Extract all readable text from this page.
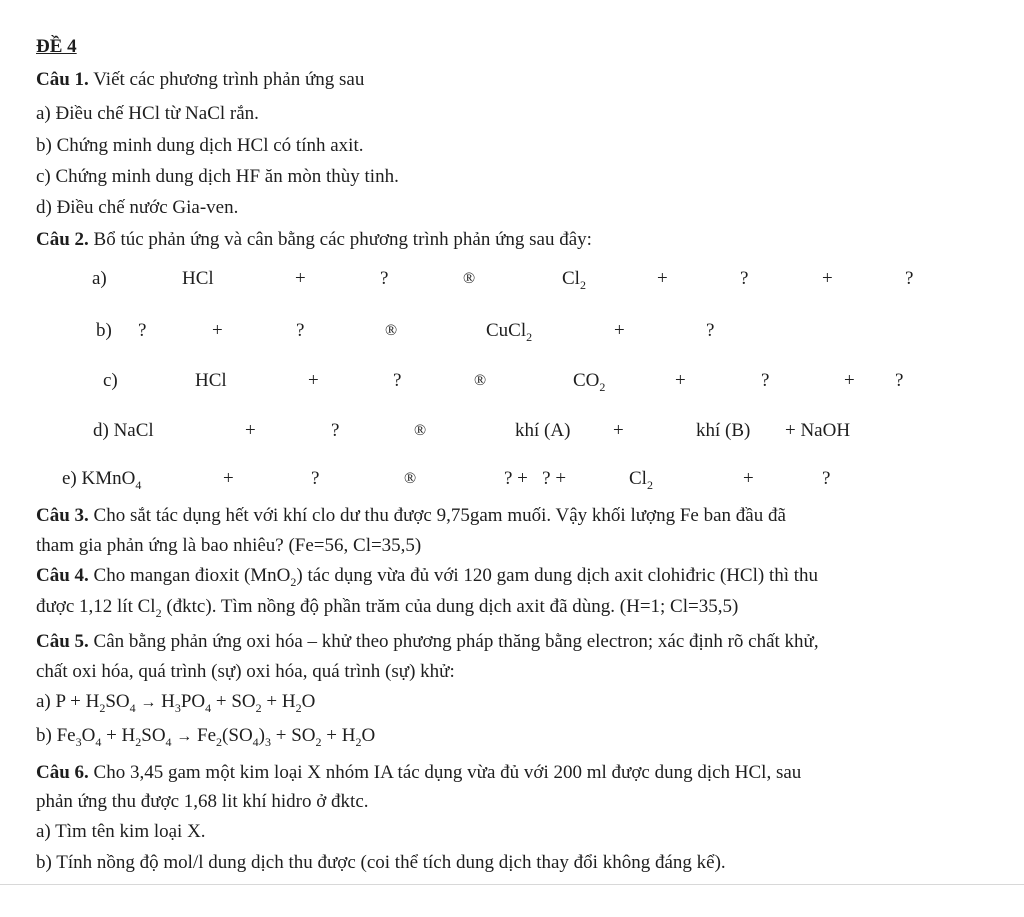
ĐỀ 4
Câu 1. Viết các phương trình phản ứng sau
a) Điều chế HCl từ NaCl rắn.
b) Chứng minh dung dịch HCl có tính axit.
c) Chứng minh dung dịch HF ăn mòn thùy tinh.
d) Điều chế nước Gia-ven.
Câu 2. Bổ túc phản ứng và cân bằng các phương trình phản ứng sau đây:
a)	HCl	+	?	®	$Cl_2$	+	?	+	?
b) ?	+	?	®	CuCl$_2$	+	?
c)	HCl	+	?	®	$CO_2$	+	?	+ ?
d) NaCl	+	?	®	khí (A) +	khí (B) + NaOH
e) KMnO$_4$	+	?	®	? +   ? +	$Cl_2$	+	?
Câu 3. Cho sắt tác dụng hết với khí clo dư thu được 9,75gam muối. Vậy khối lượng Fe ban đầu đã
tham gia phản ứng là bao nhiêu? (Fe=56, Cl=35,5)
Câu 4. Cho mangan đioxit (MnO$_2$) tác dụng vừa đủ với 120 gam dung dịch axit clohiđric (HCl) thì thu
được 1,12 lít $Cl_2$ (đktc). Tìm nồng độ phần trăm của dung dịch axit đã dùng. (H=1; Cl=35,5)
Câu 5. Cân bằng phản ứng oxi hóa – khử theo phương pháp thăng bằng electron; xác định rõ chất khử,
chất oxi hóa, quá trình (sự) oxi hóa, quá trình (sự) khử:
a) $P + H_2SO_4 \to H_3PO_4 + SO_2 + H_2O$
b) $Fe_3O_4 + H_2SO_4 \to Fe_2(SO_4)_3 + SO_2 + H_2O$
Câu 6. Cho 3,45 gam một kim loại X nhóm IA tác dụng vừa đủ với 200 ml được dung dịch HCl, sau
phản ứng thu được 1,68 lit khí hidro ở đktc.
a) Tìm tên kim loại X.
b) Tính nồng độ mol/l dung dịch thu được (coi thể tích dung dịch thay đổi không đáng kể).
